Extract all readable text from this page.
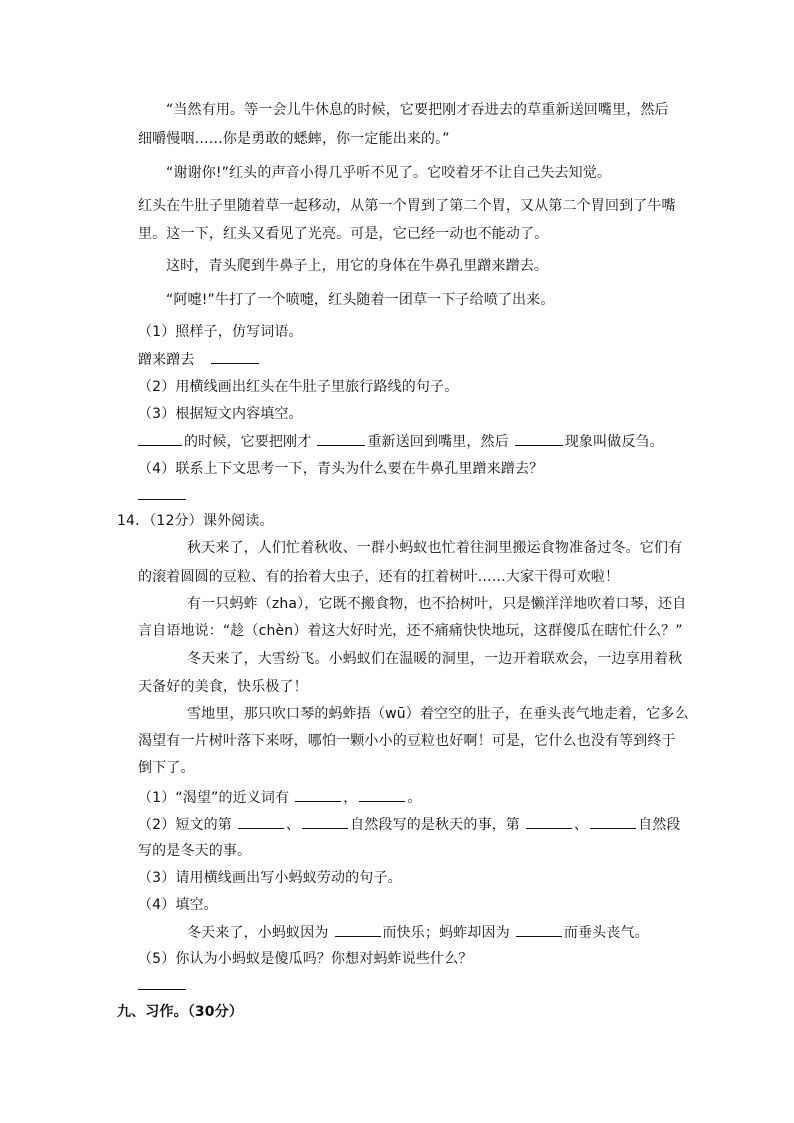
“当然有用。等一会儿牛休息的时候，它要把刚才吞进去的草重新送回嘴里，然后
细嚼慢咽……你是勇敢的蟋蟀，你一定能出来的。”
“谢谢你!”红头的声音小得几乎听不见了。它咬着牙不让自己失去知觉。
红头在牛肚子里随着草一起移动，从第一个胃到了第二个胃，又从第二个胃回到了牛嘴
里。这一下，红头又看见了光亮。可是，它已经一动也不能动了。
这时，青头爬到牛鼻子上，用它的身体在牛鼻孔里蹭来蹭去。
“阿嚏!”牛打了一个喷嚏，红头随着一团草一下子给喷了出来。
（1）照样子，仿写词语。
蹭来蹭去
（2）用横线画出红头在牛肚子里旅行路线的句子。
（3）根据短文内容填空。
的时候，它要把刚才	重新送回到嘴里，然后	现象叫做反刍。
（4）联系上下文思考一下，青头为什么要在牛鼻孔里蹭来蹭去？
14．（12分）课外阅读。
秋天来了，人们忙着秋收、一群小蚂蚁也忙着往洞里搬运食物准备过冬。它们有
的滚着圆圆的豆粒、有的抬着大虫子，还有的扛着树叶……大家干得可欢啦！
有一只蚂蚱（zha），它既不搬食物，也不拾树叶，只是懒洋洋地吹着口琴，还自
言自语地说：“趁（chèn）着这大好时光，还不痛痛快快地玩，这群傻瓜在瞎忙什么？”
冬天来了，大雪纷飞。小蚂蚁们在温暖的洞里，一边开着联欢会，一边享用着秋
天备好的美食，快乐极了！
雪地里，那只吹口琴的蚂蚱捂（wū）着空空的肚子，在垂头丧气地走着，它多么
渴望有一片树叶落下来呀，哪怕一颗小小的豆粒也好啊！可是，它什么也没有等到终于
倒下了。
（1）“渴望”的近义词有	，	。
（2）短文的第	、	自然段写的是秋天的事，第	、	自然段
写的是冬天的事。
（3）请用横线画出写小蚂蚁劳动的句子。
（4）填空。
冬天来了，小蚂蚁因为	而快乐；蚂蚱却因为	而垂头丧气。
（5）你认为小蚂蚁是傻瓜吗？你想对蚂蚱说些什么？
九、习作。（30分）
